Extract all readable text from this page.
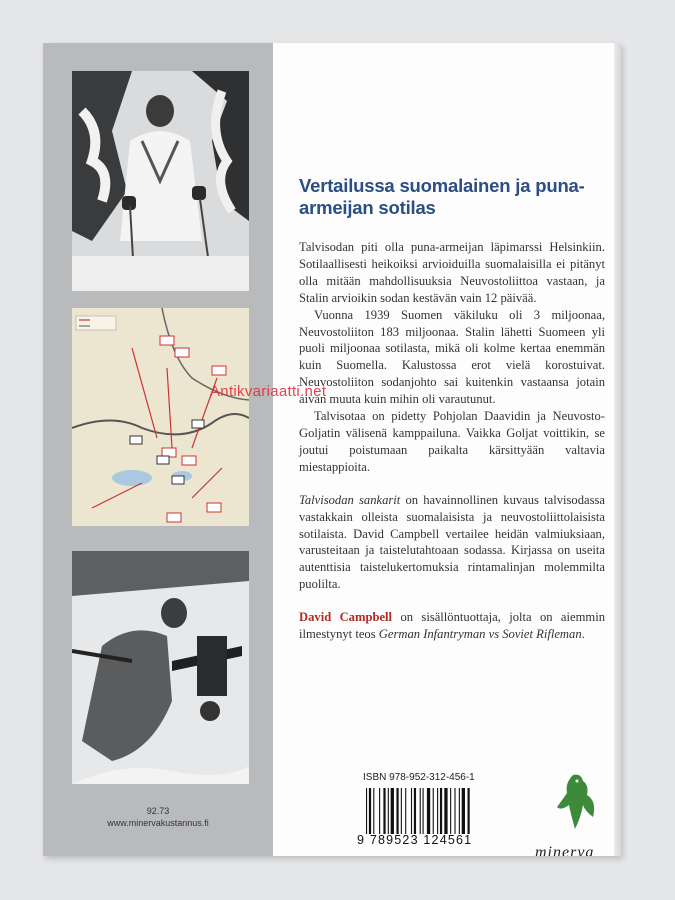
92.73
www.minervakustannus.fi
Vertailussa suomalainen ja puna-armeijan sotilas

Talvisodan piti olla puna-armeijan läpimarssi Helsinkiin. Sotilaallisesti heikoiksi arvioiduilla suomalaisilla ei pitänyt olla mitään mahdollisuuksia Neuvostoliittoa vastaan, ja Stalin arvioikin sodan kestävän vain 12 päivää.

Vuonna 1939 Suomen väkiluku oli 3 miljoonaa, Neuvostoliiton 183 miljoonaa. Stalin lähetti Suomeen yli puoli miljoonaa sotilasta, mikä oli kolme kertaa enemmän kuin Suomella. Kalustossa erot vielä korostuivat. Neuvostoliiton sodanjohto sai kuitenkin vastaansa jotain aivan muuta kuin mihin oli varautunut.

Talvisotaa on pidetty Pohjolan Daavidin ja Neuvosto-Goljatin välisenä kamppailuna. Vaikka Goljat voittikin, se joutui poistumaan paikalta kärsittyään valtavia miestappioita.

Talvisodan sankarit on havainnollinen kuvaus talvisodassa vastakkain olleista suomalaisista ja neuvostoliittolaisista sotilaista. David Campbell vertailee heidän valmiuksiaan, varusteitaan ja taistelutahtoaan sodassa. Kirjassa on useita autenttisia taistelukertomuksia rintamalinjan molemmilta puolilta.

David Campbell on sisällöntuottaja, jolta on aiemmin ilmestynyt teos German Infantryman vs Soviet Rifleman.

ISBN 978-952-312-456-1
9 789523 124561
minerva
Antikvariaatti.net
